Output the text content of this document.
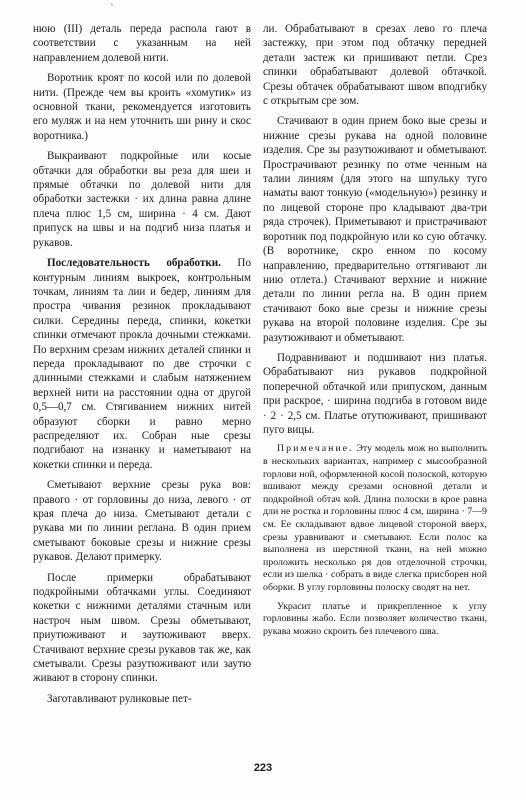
`

нюю (III) деталь переда распола гают в соответствии с указанным на ней направлением долевой нити.

Воротник кроят по косой или по долевой нити. (Прежде чем вы кроить «хомутик» из основной ткани, рекомендуется изготовить его муляж и на нем уточнить ши рину и скос воротника.)

Выкраивают подкройные или косые обтачки для обработки вы реза для шеи и прямые обтачки по долевой нити для обработки застежки · их длина равна длине плеча плюс 1,5 см, ширина · 4 см. Дают припуск на швы и на подгиб низа платья и рукавов.

Последовательность обработки. По контурным линиям выкроек, контрольным точкам, линиям та лии и бедер, линиям для простра чивания резинок прокладывают силки. Середины переда, спинки, кокетки спинки отмечают прокла дочными стежками. По верхним срезам нижних деталей спинки и переда прокладывают по две строчки с длинными стежками и слабым натяжением верхней нити на расстоянии одна от другой 0,5—0,7 см. Стягиванием нижних нитей образуют сборки и равно мерно распределяют их. Собран ные срезы подгибают на изнанку и наметывают на кокетки спинки и переда.

Сметывают верхние срезы рука вов: правого · от горловины до низа, левого · от края плеча до низа. Сметывают детали с рукава ми по линии реглана. В один прием сметывают боковые срезы и нижние срезы рукавов. Делают примерку.

После примерки обрабатывают подкройными обтачками углы. Соединяют кокетки с нижними деталями стачным или настроч ным швом. Срезы обметывают, приутюживают и заутюживают вверх. Стачивают верхние срезы рукавов так же, как сметывали. Срезы разутюживают или заутю живают в сторону спинки.

Заготавливают руликовые пет-

ли. Обрабатывают в срезах лево го плеча застежку, при этом под обтачку передней детали застеж ки пришивают петли. Срез спинки обрабатывают долевой обтачкой. Срезы обтачек обрабатывают швом вподгибку с открытым сре зом.

Стачивают в один прием боко вые срезы и нижние срезы рукава на одной половине изделия. Сре зы разутюживают и обметывают. Прострачивают резинку по отме ченным на талии линиям (для этого на шпульку туго наматы вают тонкую («модельную») резинку и по лицевой стороне про кладывают два-три ряда строчек). Приметывают и пристрачивают воротник под подкройную или ко сую обтачку. (В воротнике, скро енном по косому направлению, предварительно оттягивают ли нию отлета.) Стачивают верхние и нижние детали по линии регла на. В один прием стачивают боко вые срезы и нижние срезы рукава на второй половине изделия. Сре зы разутюживают и обметывают.

Подравнивают и подшивают низ платья. Обрабатывают низ рукавов подкройной поперечной обтачкой или припуском, данным при раскрое, · ширина подгиба в готовом виде · 2 · 2,5 см. Платье отутюживают, пришивают пуго вицы.

Примечание. Эту модель мож но выполнить в нескольких вариантах, например с мысообразной горлови ной, оформленной косой полоской, которую вшивают между срезами основной детали и подкройной обтач кой. Длина полоски в крое равна дли не ростка и горловины плюс 4 см, ширина · 7—9 см. Ее складывают вдвое лицевой стороной вверх, срезы уравнивают и сметывают. Если полос ка выполнена из шерстяной ткани, на ней можно проложить несколько ря дов отделочной строчки, если из шелка · собрать в виде слегка присборен ной оборки. В углу горловины полоску сводят на нет.

Украсит платье и прикрепленное к углу горловины жабо. Если позволяет количество ткани, рукава можно скроить без плечевого шва.

223
